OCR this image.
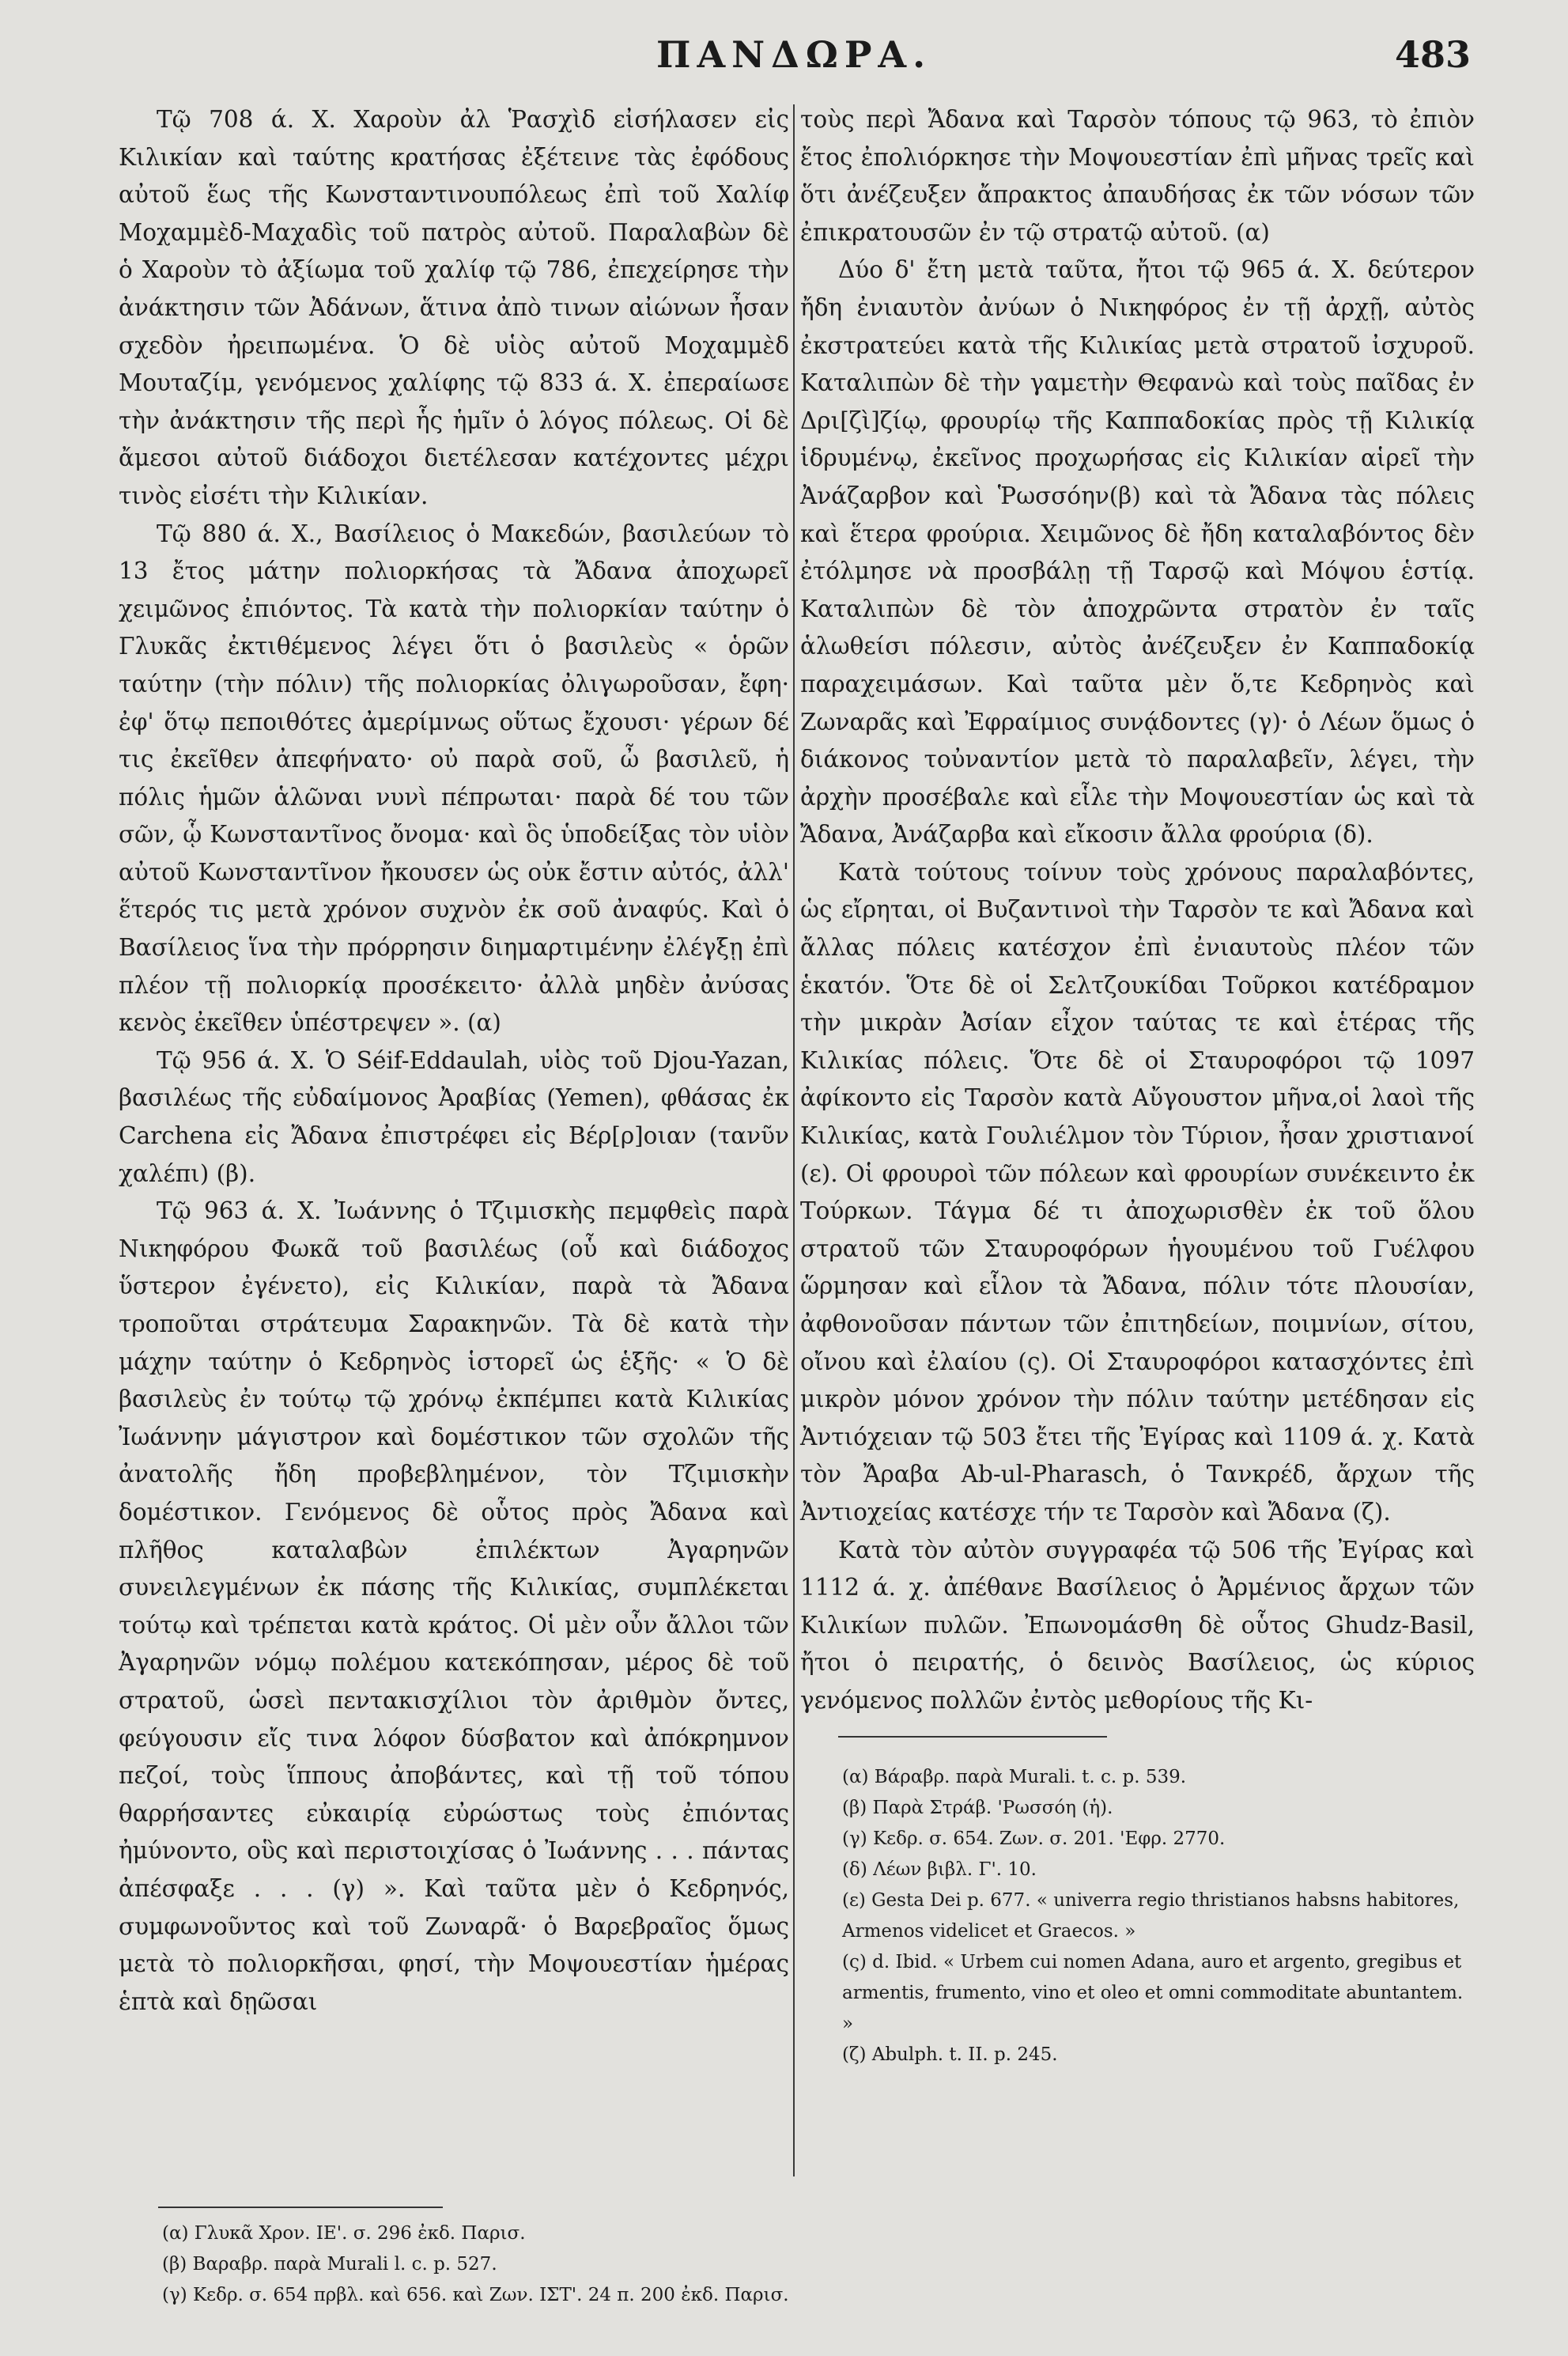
ΠΑΝΔΩΡΑ.	483

Τῷ 708 ά. Χ. Χαροὺν ἀλ Ῥασχὶδ εἰσήλασεν εἰς Κιλικίαν καὶ ταύτης κρατήσας ἐξέτεινε τὰς ἐφόδους αὐτοῦ ἕως τῆς Κωνσταντινουπόλεως ἐπὶ τοῦ Χαλίφ Μοχαμμὲδ-Μαχαδὶς τοῦ πατρὸς αὐτοῦ. Παραλαβὼν δὲ ὁ Χαροὺν τὸ ἀξίωμα τοῦ χαλίφ τῷ 786, ἐπεχείρησε τὴν ἀνάκτησιν τῶν Ἀδάνων, ἅτινα ἀπὸ τινων αἰώνων ἦσαν σχεδὸν ἠρειπωμένα. Ὁ δὲ υἱὸς αὐτοῦ Μοχαμμὲδ Μουταζίμ, γενόμενος χαλίφης τῷ 833 ά. Χ. ἐπεραίωσε τὴν ἀνάκτησιν τῆς περὶ ἧς ἡμῖν ὁ λόγος πόλεως. Οἱ δὲ ἄμεσοι αὐτοῦ διάδοχοι διετέλεσαν κατέχοντες μέχρι τινὸς εἰσέτι τὴν Κιλικίαν.

Τῷ 880 ά. Χ., Βασίλειος ὁ Μακεδών, βασιλεύων τὸ 13 ἔτος μάτην πολιορκήσας τὰ Ἄδανα ἀποχωρεῖ χειμῶνος ἐπιόντος. Τὰ κατὰ τὴν πολιορκίαν ταύτην ὁ Γλυκᾶς ἐκτιθέμενος λέγει ὅτι ὁ βασιλεὺς « ὁρῶν ταύτην (τὴν πόλιν) τῆς πολιορκίας ὀλιγωροῦσαν, ἔφη· ἐφ' ὅτῳ πεποιθότες ἀμερίμνως οὕτως ἔχουσι· γέρων δέ τις ἐκεῖθεν ἀπεφήνατο· οὐ παρὰ σοῦ, ὦ βασιλεῦ, ἡ πόλις ἡμῶν ἁλῶναι νυνὶ πέπρωται· παρὰ δέ του τῶν σῶν, ᾧ Κωνσταντῖνος ὄνομα· καὶ ὃς ὑποδείξας τὸν υἱὸν αὐτοῦ Κωνσταντῖνον ἤκουσεν ὡς οὐκ ἔστιν αὐτός, ἀλλ' ἕτερός τις μετὰ χρόνον συχνὸν ἐκ σοῦ ἀναφύς. Καὶ ὁ Βασίλειος ἵνα τὴν πρόρρησιν διημαρτιμένην ἐλέγξῃ ἐπὶ πλέον τῇ πολιορκίᾳ προσέκειτο· ἀλλὰ μηδὲν ἀνύσας κενὸς ἐκεῖθεν ὑπέστρεψεν ». (α)

Τῷ 956 ά. Χ. Ὁ Séif-Eddaulah, υἱὸς τοῦ Djou-Yazan, βασιλέως τῆς εὐδαίμονος Ἀραβίας (Yemen), φθάσας ἐκ Carchena εἰς Ἄδανα ἐπιστρέφει εἰς Βέρ[ρ]οιαν (τανῦν χαλέπι) (β).

Τῷ 963 ά. Χ. Ἰωάννης ὁ Τζιμισκὴς πεμφθεὶς παρὰ Νικηφόρου Φωκᾶ τοῦ βασιλέως (οὗ καὶ διάδοχος ὕστερον ἐγένετο), εἰς Κιλικίαν, παρὰ τὰ Ἄδανα τροποῦται στράτευμα Σαρακηνῶν. Τὰ δὲ κατὰ τὴν μάχην ταύτην ὁ Κεδρηνὸς ἱστορεῖ ὡς ἑξῆς· « Ὁ δὲ βασιλεὺς ἐν τούτῳ τῷ χρόνῳ ἐκπέμπει κατὰ Κιλικίας Ἰωάννην μάγιστρον καὶ δομέστικον τῶν σχολῶν τῆς ἀνατολῆς ἤδη προβεβλημένον, τὸν Τζιμισκὴν δομέστικον. Γενόμενος δὲ οὗτος πρὸς Ἄδανα καὶ πλῆθος καταλαβὼν ἐπιλέκτων Ἀγαρηνῶν συνειλεγμένων ἐκ πάσης τῆς Κιλικίας, συμπλέκεται τούτῳ καὶ τρέπεται κατὰ κράτος. Οἱ μὲν οὖν ἄλλοι τῶν Ἀγαρηνῶν νόμῳ πολέμου κατεκόπησαν, μέρος δὲ τοῦ στρατοῦ, ὡσεὶ πεντακισχίλιοι τὸν ἀριθμὸν ὄντες, φεύγουσιν εἴς τινα λόφον δύσβατον καὶ ἀπόκρημνον πεζοί, τοὺς ἵππους ἀποβάντες, καὶ τῇ τοῦ τόπου θαρρήσαντες εὐκαιρίᾳ εὐρώστως τοὺς ἐπιόντας ἠμύνοντο, οὓς καὶ περιστοιχίσας ὁ Ἰωάννης . . . πάντας ἀπέσφαξε . . . (γ) ». Καὶ ταῦτα μὲν ὁ Κεδρηνός, συμφωνοῦντος καὶ τοῦ Ζωναρᾶ· ὁ Βαρεβραῖος ὅμως μετὰ τὸ πολιορκῆσαι, φησί, τὴν Μοψουεστίαν ἡμέρας ἑπτὰ καὶ δῃῶσαι

τοὺς περὶ Ἄδανα καὶ Ταρσὸν τόπους τῷ 963, τὸ ἐπιὸν ἔτος ἐπολιόρκησε τὴν Μοψουεστίαν ἐπὶ μῆνας τρεῖς καὶ ὅτι ἀνέζευξεν ἄπρακτος ἀπαυδήσας ἐκ τῶν νόσων τῶν ἐπικρατουσῶν ἐν τῷ στρατῷ αὐτοῦ. (α)

Δύο δ' ἔτη μετὰ ταῦτα, ἤτοι τῷ 965 ά. Χ. δεύτερον ἤδη ἐνιαυτὸν ἀνύων ὁ Νικηφόρος ἐν τῇ ἀρχῇ, αὐτὸς ἐκστρατεύει κατὰ τῆς Κιλικίας μετὰ στρατοῦ ἰσχυροῦ. Καταλιπὼν δὲ τὴν γαμετὴν Θεφανὼ καὶ τοὺς παῖδας ἐν Δρι[ζὶ]ζίῳ, φρουρίῳ τῆς Καππαδοκίας πρὸς τῇ Κιλικίᾳ ἱδρυμένῳ, ἐκεῖνος προχωρήσας εἰς Κιλικίαν αἱρεῖ τὴν Ἀνάζαρβον καὶ Ῥωσσόην(β) καὶ τὰ Ἄδανα τὰς πόλεις καὶ ἕτερα φρούρια. Χειμῶνος δὲ ἤδη καταλαβόντος δὲν ἐτόλμησε νὰ προσβάλῃ τῇ Ταρσῷ καὶ Μόψου ἑστίᾳ. Καταλιπὼν δὲ τὸν ἀποχρῶντα στρατὸν ἐν ταῖς ἁλωθείσι πόλεσιν, αὐτὸς ἀνέζευξεν ἐν Καππαδοκίᾳ παραχειμάσων. Καὶ ταῦτα μὲν ὅ,τε Κεδρηνὸς καὶ Ζωναρᾶς καὶ Ἐφραίμιος συνᾴδοντες (γ)· ὁ Λέων ὅμως ὁ διάκονος τοὐναντίον μετὰ τὸ παραλαβεῖν, λέγει, τὴν ἀρχὴν προσέβαλε καὶ εἷλε τὴν Μοψουεστίαν ὡς καὶ τὰ Ἄδανα, Ἀνάζαρβα καὶ εἴκοσιν ἄλλα φρούρια (δ).

Κατὰ τούτους τοίνυν τοὺς χρόνους παραλαβόντες, ὡς εἴρηται, οἱ Βυζαντινοὶ τὴν Ταρσὸν τε καὶ Ἄδανα καὶ ἄλλας πόλεις κατέσχον ἐπὶ ἐνιαυτοὺς πλέον τῶν ἑκατόν. Ὅτε δὲ οἱ Σελτζουκίδαι Τοῦρκοι κατέδραμον τὴν μικρὰν Ἀσίαν εἶχον ταύτας τε καὶ ἑτέρας τῆς Κιλικίας πόλεις. Ὅτε δὲ οἱ Σταυροφόροι τῷ 1097 ἀφίκοντο εἰς Ταρσὸν κατὰ Αὔγουστον μῆνα,οἱ λαοὶ τῆς Κιλικίας, κατὰ Γουλιέλμον τὸν Τύριον, ἦσαν χριστιανοί (ε). Οἱ φρουροὶ τῶν πόλεων καὶ φρουρίων συνέκειντο ἐκ Τούρκων. Τάγμα δέ τι ἀποχωρισθὲν ἐκ τοῦ ὅλου στρατοῦ τῶν Σταυροφόρων ἡγουμένου τοῦ Γυέλφου ὥρμησαν καὶ εἷλον τὰ Ἄδανα, πόλιν τότε πλουσίαν, ἀφθονοῦσαν πάντων τῶν ἐπιτηδείων, ποιμνίων, σίτου, οἴνου καὶ ἐλαίου (ς). Οἱ Σταυροφόροι κατασχόντες ἐπὶ μικρὸν μόνον χρόνον τὴν πόλιν ταύτην μετέδησαν εἰς Ἀντιόχειαν τῷ 503 ἔτει τῆς Ἐγίρας καὶ 1109 ά. χ. Κατὰ τὸν Ἄραβα Ab-ul-Pharasch, ὁ Τανκρέδ, ἄρχων τῆς Ἀντιοχείας κατέσχε τήν τε Ταρσὸν καὶ Ἄδανα (ζ).

Κατὰ τὸν αὐτὸν συγγραφέα τῷ 506 τῆς Ἐγίρας καὶ 1112 ά. χ. ἀπέθανε Βασίλειος ὁ Ἀρμένιος ἄρχων τῶν Κιλικίων πυλῶν. Ἐπωνομάσθη δὲ οὗτος Ghudz-Basil, ἤτοι ὁ πειρατής, ὁ δεινὸς Βασίλειος, ὡς κύριος γενόμενος πολλῶν ἐντὸς μεθορίους τῆς Κι-

(α) Βάραβρ. παρὰ Murali. t. c. p. 539.

(β) Παρὰ Στράβ. 'Ρωσσόη (ἡ).

(γ) Κεδρ. σ. 654. Ζων. σ. 201. 'Εφρ. 2770.

(δ) Λέων βιβλ. Γ'. 10.

(ε) Gesta Dei p. 677. « univerra regio thristianos habsns habitores, Armenos videlicet et Graecos. »

(ς) d. Ibid. « Urbem cui nomen Adana, auro et argento, gregibus et armentis, frumento, vino et oleo et omni commoditate abuntantem. »

(ζ) Abulph. t. II. p. 245.

(α) Γλυκᾶ Χρον. ΙΕ'. σ. 296 ἐκδ. Παρισ.

(β) Βαραβρ. παρὰ Murali l. c. p. 527.

(γ) Κεδρ. σ. 654 πρβλ. καὶ 656. καὶ Ζων. ΙΣΤ'. 24 π. 200 ἐκδ. Παρισ.
